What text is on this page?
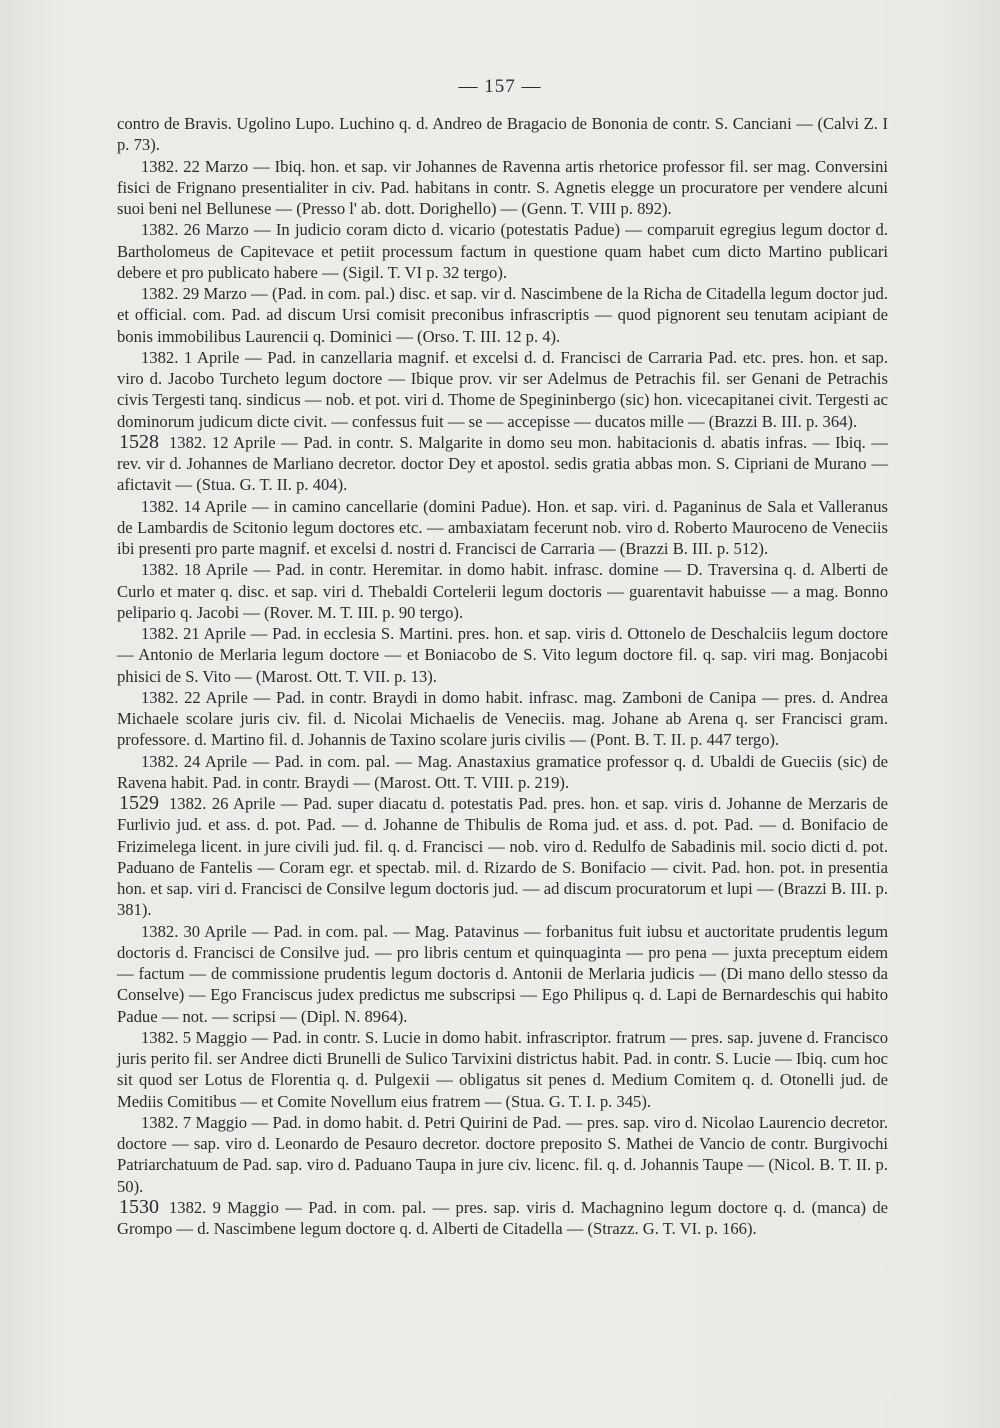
— 157 —

contro de Bravis. Ugolino Lupo. Luchino q. d. Andreo de Bragacio de Bononia de contr. S. Canciani — (Calvi Z. I p. 73).

1382. 22 Marzo — Ibiq. hon. et sap. vir Johannes de Ravenna artis rhetorice professor fil. ser mag. Conversini fisici de Frignano presentialiter in civ. Pad. habitans in contr. S. Agnetis elegge un procuratore per vendere alcuni suoi beni nel Bellunese — (Presso l' ab. dott. Dorighello) — (Genn. T. VIII p. 892).

1382. 26 Marzo — In judicio coram dicto d. vicario (potestatis Padue) — comparuit egregius legum doctor d. Bartholomeus de Capitevace et petiit processum factum in questione quam habet cum dicto Martino publicari debere et pro publicato habere — (Sigil. T. VI p. 32 tergo).

1382. 29 Marzo — (Pad. in com. pal.) disc. et sap. vir d. Nascimbene de la Richa de Citadella legum doctor jud. et official. com. Pad. ad discum Ursi comisit preconibus infrascriptis — quod pignorent seu tenutam acipiant de bonis immobilibus Laurencii q. Dominici — (Orso. T. III. 12 p. 4).

1382. 1 Aprile — Pad. in canzellaria magnif. et excelsi d. d. Francisci de Carraria Pad. etc. pres. hon. et sap. viro d. Jacobo Turcheto legum doctore — Ibique prov. vir ser Adelmus de Petrachis fil. ser Genani de Petrachis civis Tergesti tanq. sindicus — nob. et pot. viri d. Thome de Spegininbergo (sic) hon. vicecapitanei civit. Tergesti ac dominorum judicum dicte civit. — confessus fuit — se — accepisse — ducatos mille — (Brazzi B. III. p. 364).

1528 1382. 12 Aprile — Pad. in contr. S. Malgarite in domo seu mon. habitacionis d. abatis infras. — Ibiq. — rev. vir d. Johannes de Marliano decretor. doctor Dey et apostol. sedis gratia abbas mon. S. Cipriani de Murano — afictavit — (Stua. G. T. II. p. 404).

1382. 14 Aprile — in camino cancellarie (domini Padue). Hon. et sap. viri. d. Paganinus de Sala et Valleranus de Lambardis de Scitonio legum doctores etc. — ambaxiatam fecerunt nob. viro d. Roberto Mauroceno de Veneciis ibi presenti pro parte magnif. et excelsi d. nostri d. Francisci de Carraria — (Brazzi B. III. p. 512).

1382. 18 Aprile — Pad. in contr. Heremitar. in domo habit. infrasc. domine — D. Traversina q. d. Alberti de Curlo et mater q. disc. et sap. viri d. Thebaldi Cortelerii legum doctoris — guarentavit habuisse — a mag. Bonno pelipario q. Jacobi — (Rover. M. T. III. p. 90 tergo).

1382. 21 Aprile — Pad. in ecclesia S. Martini. pres. hon. et sap. viris d. Ottonelo de Deschalciis legum doctore — Antonio de Merlaria legum doctore — et Boniacobo de S. Vito legum doctore fil. q. sap. viri mag. Bonjacobi phisici de S. Vito — (Marost. Ott. T. VII. p. 13).

1382. 22 Aprile — Pad. in contr. Braydi in domo habit. infrasc. mag. Zamboni de Canipa — pres. d. Andrea Michaele scolare juris civ. fil. d. Nicolai Michaelis de Veneciis. mag. Johane ab Arena q. ser Francisci gram. professore. d. Martino fil. d. Johannis de Taxino scolare juris civilis — (Pont. B. T. II. p. 447 tergo).

1382. 24 Aprile — Pad. in com. pal. — Mag. Anastaxius gramatice professor q. d. Ubaldi de Gueciis (sic) de Ravena habit. Pad. in contr. Braydi — (Marost. Ott. T. VIII. p. 219).

1529 1382. 26 Aprile — Pad. super diacatu d. potestatis Pad. pres. hon. et sap. viris d. Johanne de Merzaris de Furlivio jud. et ass. d. pot. Pad. — d. Johanne de Thibulis de Roma jud. et ass. d. pot. Pad. — d. Bonifacio de Frizimelega licent. in jure civili jud. fil. q. d. Francisci — nob. viro d. Redulfo de Sabadinis mil. socio dicti d. pot. Paduano de Fantelis — Coram egr. et spectab. mil. d. Rizardo de S. Bonifacio — civit. Pad. hon. pot. in presentia hon. et sap. viri d. Francisci de Consilve legum doctoris jud. — ad discum procuratorum et lupi — (Brazzi B. III. p. 381).

1382. 30 Aprile — Pad. in com. pal. — Mag. Patavinus — forbanitus fuit iubsu et auctoritate prudentis legum doctoris d. Francisci de Consilve jud. — pro libris centum et quinquaginta — pro pena — juxta preceptum eidem — factum — de commissione prudentis legum doctoris d. Antonii de Merlaria judicis — (Di mano dello stesso da Conselve) — Ego Franciscus judex predictus me subscripsi — Ego Philipus q. d. Lapi de Bernardeschis qui habito Padue — not. — scripsi — (Dipl. N. 8964).

1382. 5 Maggio — Pad. in contr. S. Lucie in domo habit. infrascriptor. fratrum — pres. sap. juvene d. Francisco juris perito fil. ser Andree dicti Brunelli de Sulico Tarvixini districtus habit. Pad. in contr. S. Lucie — Ibiq. cum hoc sit quod ser Lotus de Florentia q. d. Pulgexii — obligatus sit penes d. Medium Comitem q. d. Otonelli jud. de Mediis Comitibus — et Comite Novellum eius fratrem — (Stua. G. T. I. p. 345).

1382. 7 Maggio — Pad. in domo habit. d. Petri Quirini de Pad. — pres. sap. viro d. Nicolao Laurencio decretor. doctore — sap. viro d. Leonardo de Pesauro decretor. doctore preposito S. Mathei de Vancio de contr. Burgivochi Patriarchatuum de Pad. sap. viro d. Paduano Taupa in jure civ. licenc. fil. q. d. Johannis Taupe — (Nicol. B. T. II. p. 50).

1530 1382. 9 Maggio — Pad. in com. pal. — pres. sap. viris d. Machagnino legum doctore q. d. (manca) de Grompo — d. Nascimbene legum doctore q. d. Alberti de Citadella — (Strazz. G. T. VI. p. 166).
